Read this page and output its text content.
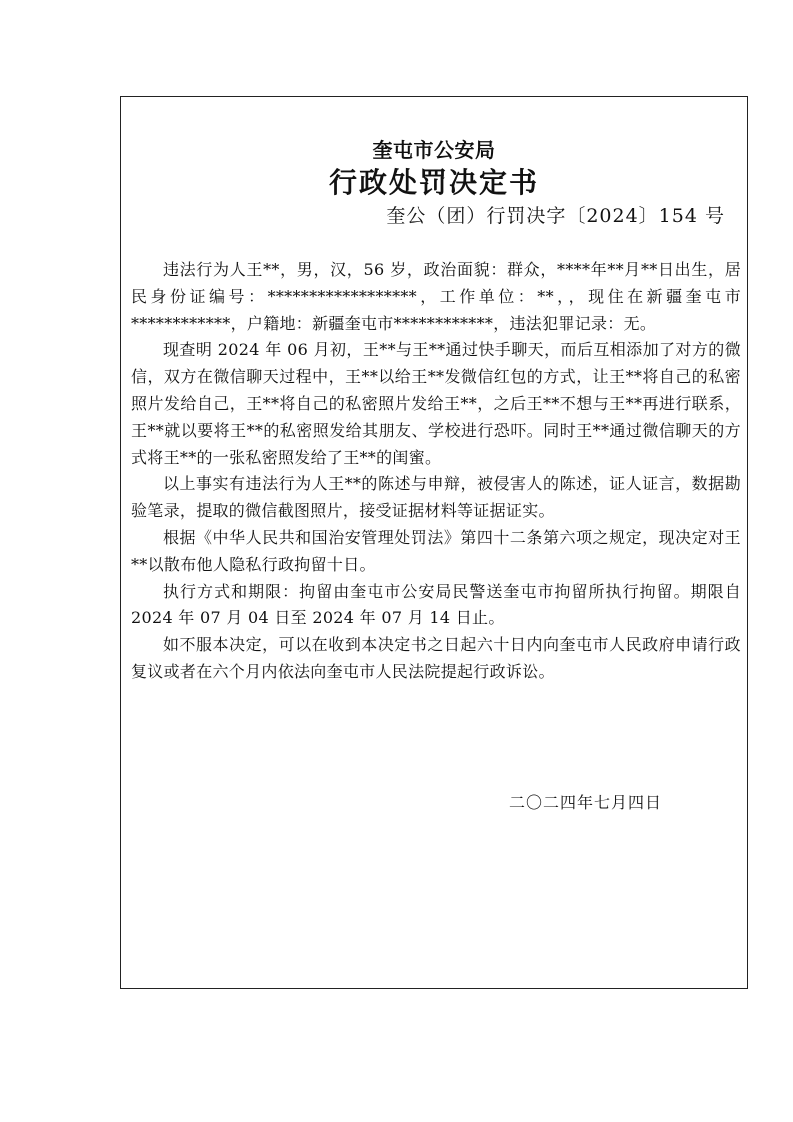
奎屯市公安局
行政处罚决定书
奎公（团）行罚决字〔2024〕154 号

违法行为人王**，男，汉，56 岁，政治面貌：群众，****年**月**日出生，居民身份证编号：******************，工作单位：**，，现住在新疆奎屯市************，户籍地：新疆奎屯市************，违法犯罪记录：无。

现查明 2024 年 06 月初，王**与王**通过快手聊天，而后互相添加了对方的微信，双方在微信聊天过程中，王**以给王**发微信红包的方式，让王**将自己的私密照片发给自己，王**将自己的私密照片发给王**，之后王**不想与王**再进行联系，王**就以要将王**的私密照发给其朋友、学校进行恐吓。同时王**通过微信聊天的方式将王**的一张私密照发给了王**的闺蜜。

以上事实有违法行为人王**的陈述与申辩，被侵害人的陈述，证人证言，数据勘验笔录，提取的微信截图照片，接受证据材料等证据证实。

根据《中华人民共和国治安管理处罚法》第四十二条第六项之规定，现决定对王**以散布他人隐私行政拘留十日。

执行方式和期限：拘留由奎屯市公安局民警送奎屯市拘留所执行拘留。期限自 2024 年 07 月 04 日至 2024 年 07 月 14 日止。

如不服本决定，可以在收到本决定书之日起六十日内向奎屯市人民政府申请行政复议或者在六个月内依法向奎屯市人民法院提起行政诉讼。

二〇二四年七月四日
